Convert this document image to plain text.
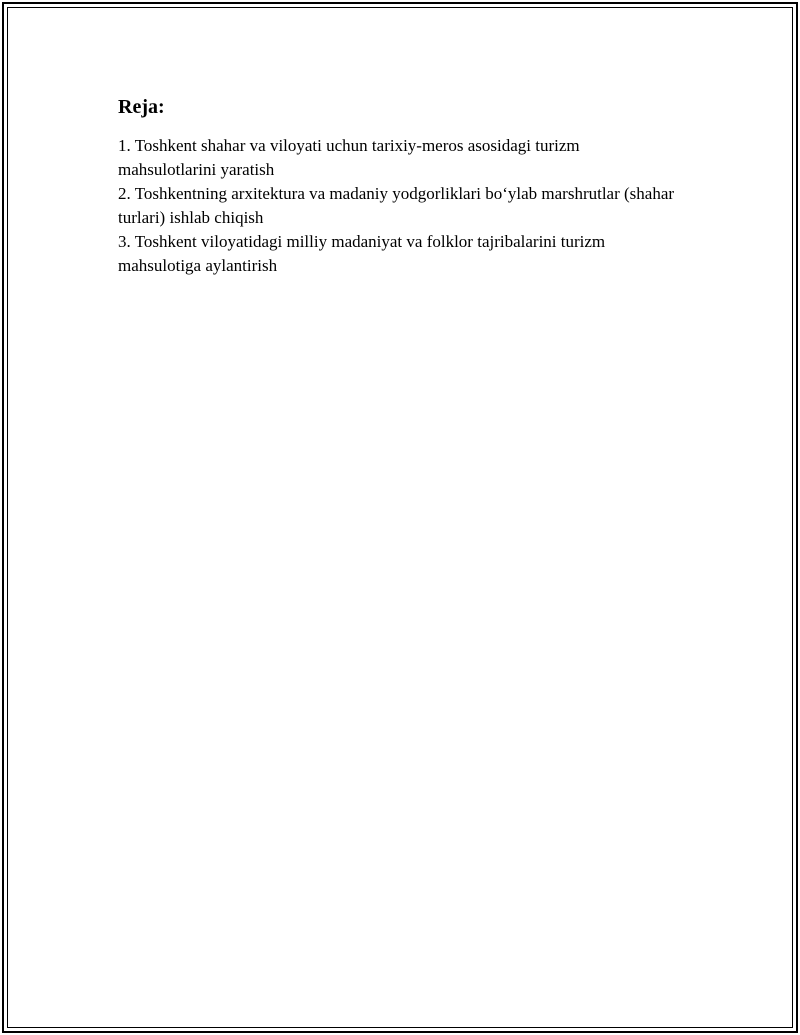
Reja:
1. Toshkent shahar va viloyati uchun tarixiy-meros asosidagi turizm mahsulotlarini yaratish
2. Toshkentning arxitektura va madaniy yodgorliklari bo‘ylab marshrutlar (shahar turlari) ishlab chiqish
3. Toshkent viloyatidagi milliy madaniyat va folklor tajribalarini turizm mahsulotiga aylantirish
